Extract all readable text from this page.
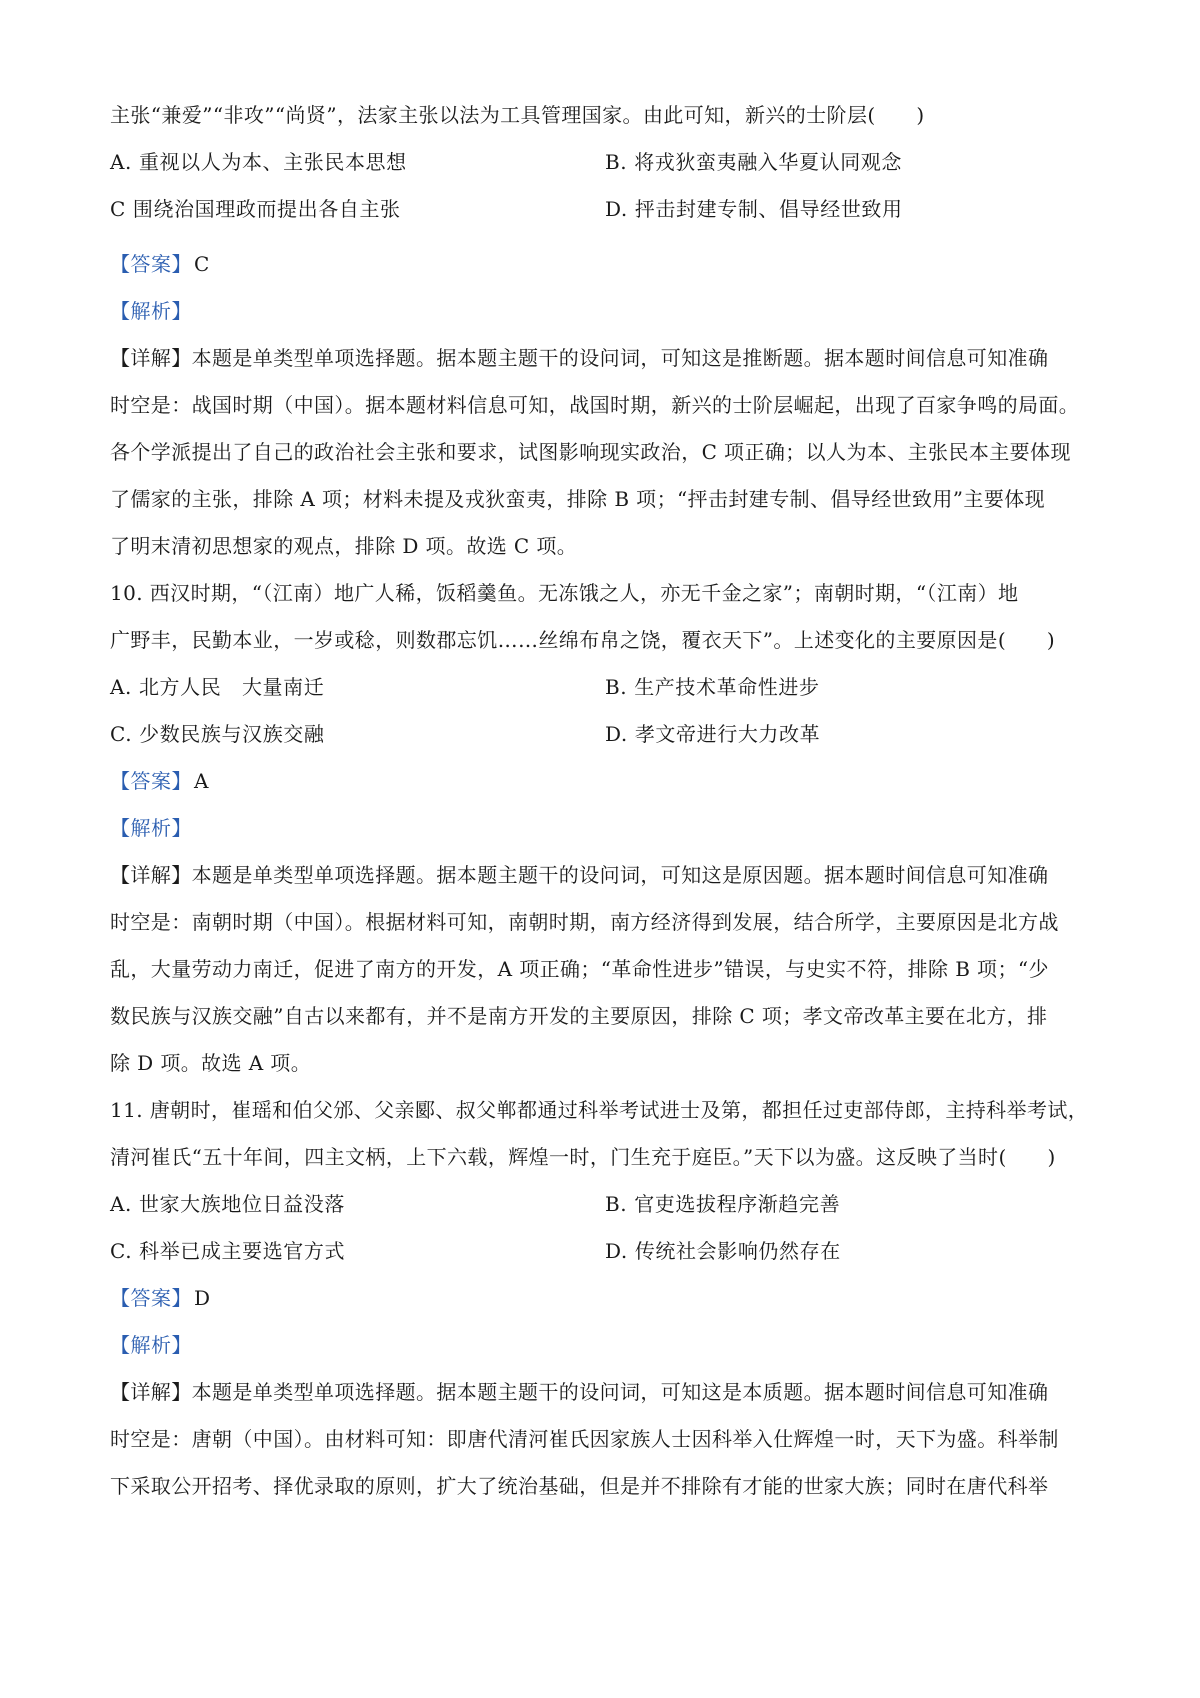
主张“兼爱”“非攻”“尚贤”，法家主张以法为工具管理国家。由此可知，新兴的士阶层(　　)
A. 重视以人为本、主张民本思想	B. 将戎狄蛮夷融入华夏认同观念
C 围绕治国理政而提出各自主张	D. 抨击封建专制、倡导经世致用
【答案】 C
【解析】
【详解】本题是单类型单项选择题。据本题主题干的设问词，可知这是推断题。据本题时间信息可知准确
时空是：战国时期（中国）。据本题材料信息可知，战国时期，新兴的士阶层崛起，出现了百家争鸣的局面。
各个学派提出了自己的政治社会主张和要求，试图影响现实政治，C 项正确；以人为本、主张民本主要体现
了儒家的主张，排除 A 项；材料未提及戎狄蛮夷，排除 B 项；“抨击封建专制、倡导经世致用”主要体现
了明末清初思想家的观点，排除 D 项。故选 C 项。
10. 西汉时期，“（江南）地广人稀，饭稻羹鱼。无冻饿之人，亦无千金之家”；南朝时期，“（江南）地
广野丰，民勤本业，一岁或稔，则数郡忘饥……丝绵布帛之饶，覆衣天下”。上述变化的主要原因是(　　)
A. 北方人民　大量南迁	B. 生产技术革命性进步
C. 少数民族与汉族交融	D. 孝文帝进行大力改革
【答案】 A
【解析】
【详解】本题是单类型单项选择题。据本题主题干的设问词，可知这是原因题。据本题时间信息可知准确
时空是：南朝时期（中国）。根据材料可知，南朝时期，南方经济得到发展，结合所学，主要原因是北方战
乱，大量劳动力南迁，促进了南方的开发，A 项正确；“革命性进步”错误，与史实不符，排除 B 项；“少
数民族与汉族交融”自古以来都有，并不是南方开发的主要原因，排除 C 项；孝文帝改革主要在北方，排
除 D 项。故选 A 项。
11. 唐朝时，崔瑶和伯父邠、父亲郾、叔父郸都通过科举考试进士及第，都担任过吏部侍郎，主持科举考试，
清河崔氏“五十年间，四主文柄，上下六载，辉煌一时，门生充于庭臣。”天下以为盛。这反映了当时(　　)
A. 世家大族地位日益没落	B. 官吏选拔程序渐趋完善
C. 科举已成主要选官方式	D. 传统社会影响仍然存在
【答案】 D
【解析】
【详解】本题是单类型单项选择题。据本题主题干的设问词，可知这是本质题。据本题时间信息可知准确
时空是：唐朝（中国）。由材料可知：即唐代清河崔氏因家族人士因科举入仕辉煌一时，天下为盛。科举制
下采取公开招考、择优录取的原则，扩大了统治基础，但是并不排除有才能的世家大族；同时在唐代科举
